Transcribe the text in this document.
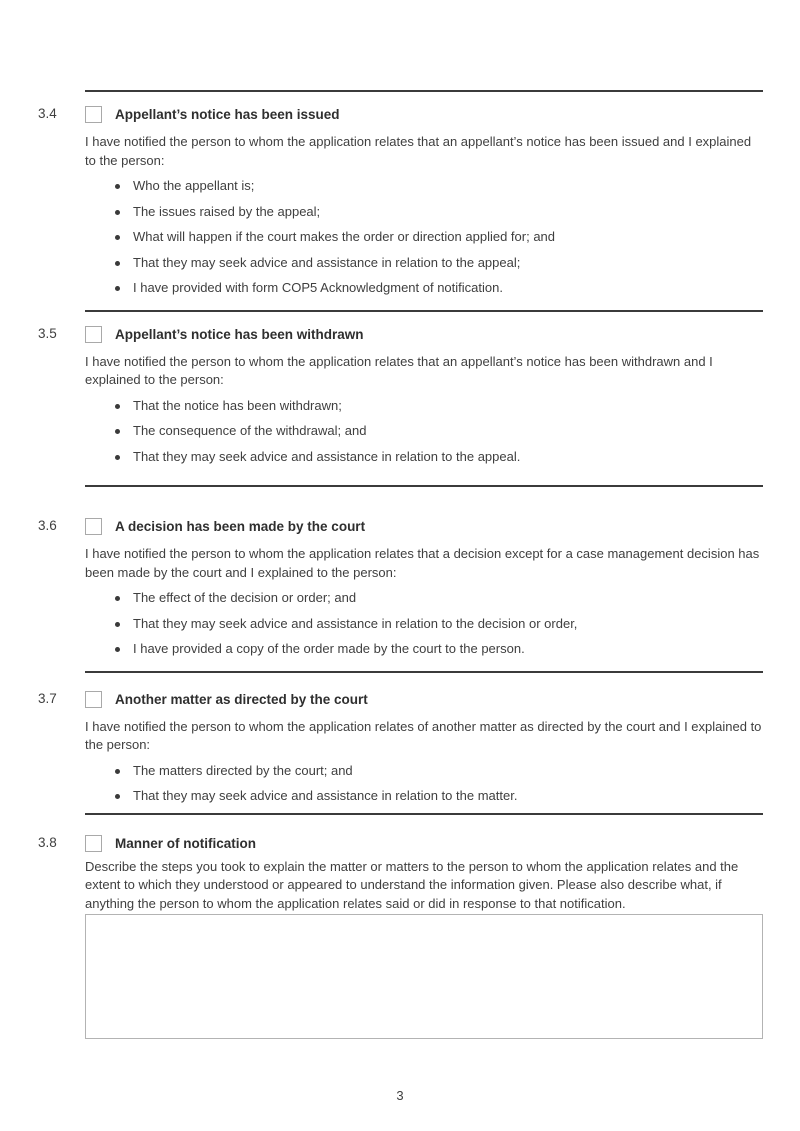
3.4	Appellant’s notice has been issued

I have notified the person to whom the application relates that an appellant’s notice has been issued and I explained to the person:

Who the appellant is;
The issues raised by the appeal;
What will happen if the court makes the order or direction applied for; and
That they may seek advice and assistance in relation to the appeal;
I have provided with form COP5 Acknowledgment of notification.
3.5	Appellant’s notice has been withdrawn

I have notified the person to whom the application relates that an appellant’s notice has been withdrawn and I explained to the person:

That the notice has been withdrawn;
The consequence of the withdrawal; and
That they may seek advice and assistance in relation to the appeal.
3.6	A decision has been made by the court

I have notified the person to whom the application relates that a decision except for a case management decision has been made by the court and I explained to the person:

The effect of the decision or order; and
That they may seek advice and assistance in relation to the decision or order,
I have provided a copy of the order made by the court to the person.
3.7	Another matter as directed by the court

I have notified the person to whom the application relates of another matter as directed by the court and I explained to the person:

The matters directed by the court; and
That they may seek advice and assistance in relation to the matter.
3.8	Manner of notification

Describe the steps you took to explain the matter or matters to the person to whom the application relates and the extent to which they understood or appeared to understand the information given. Please also describe what, if anything the person to whom the application relates said or did in response to that notification.

3
